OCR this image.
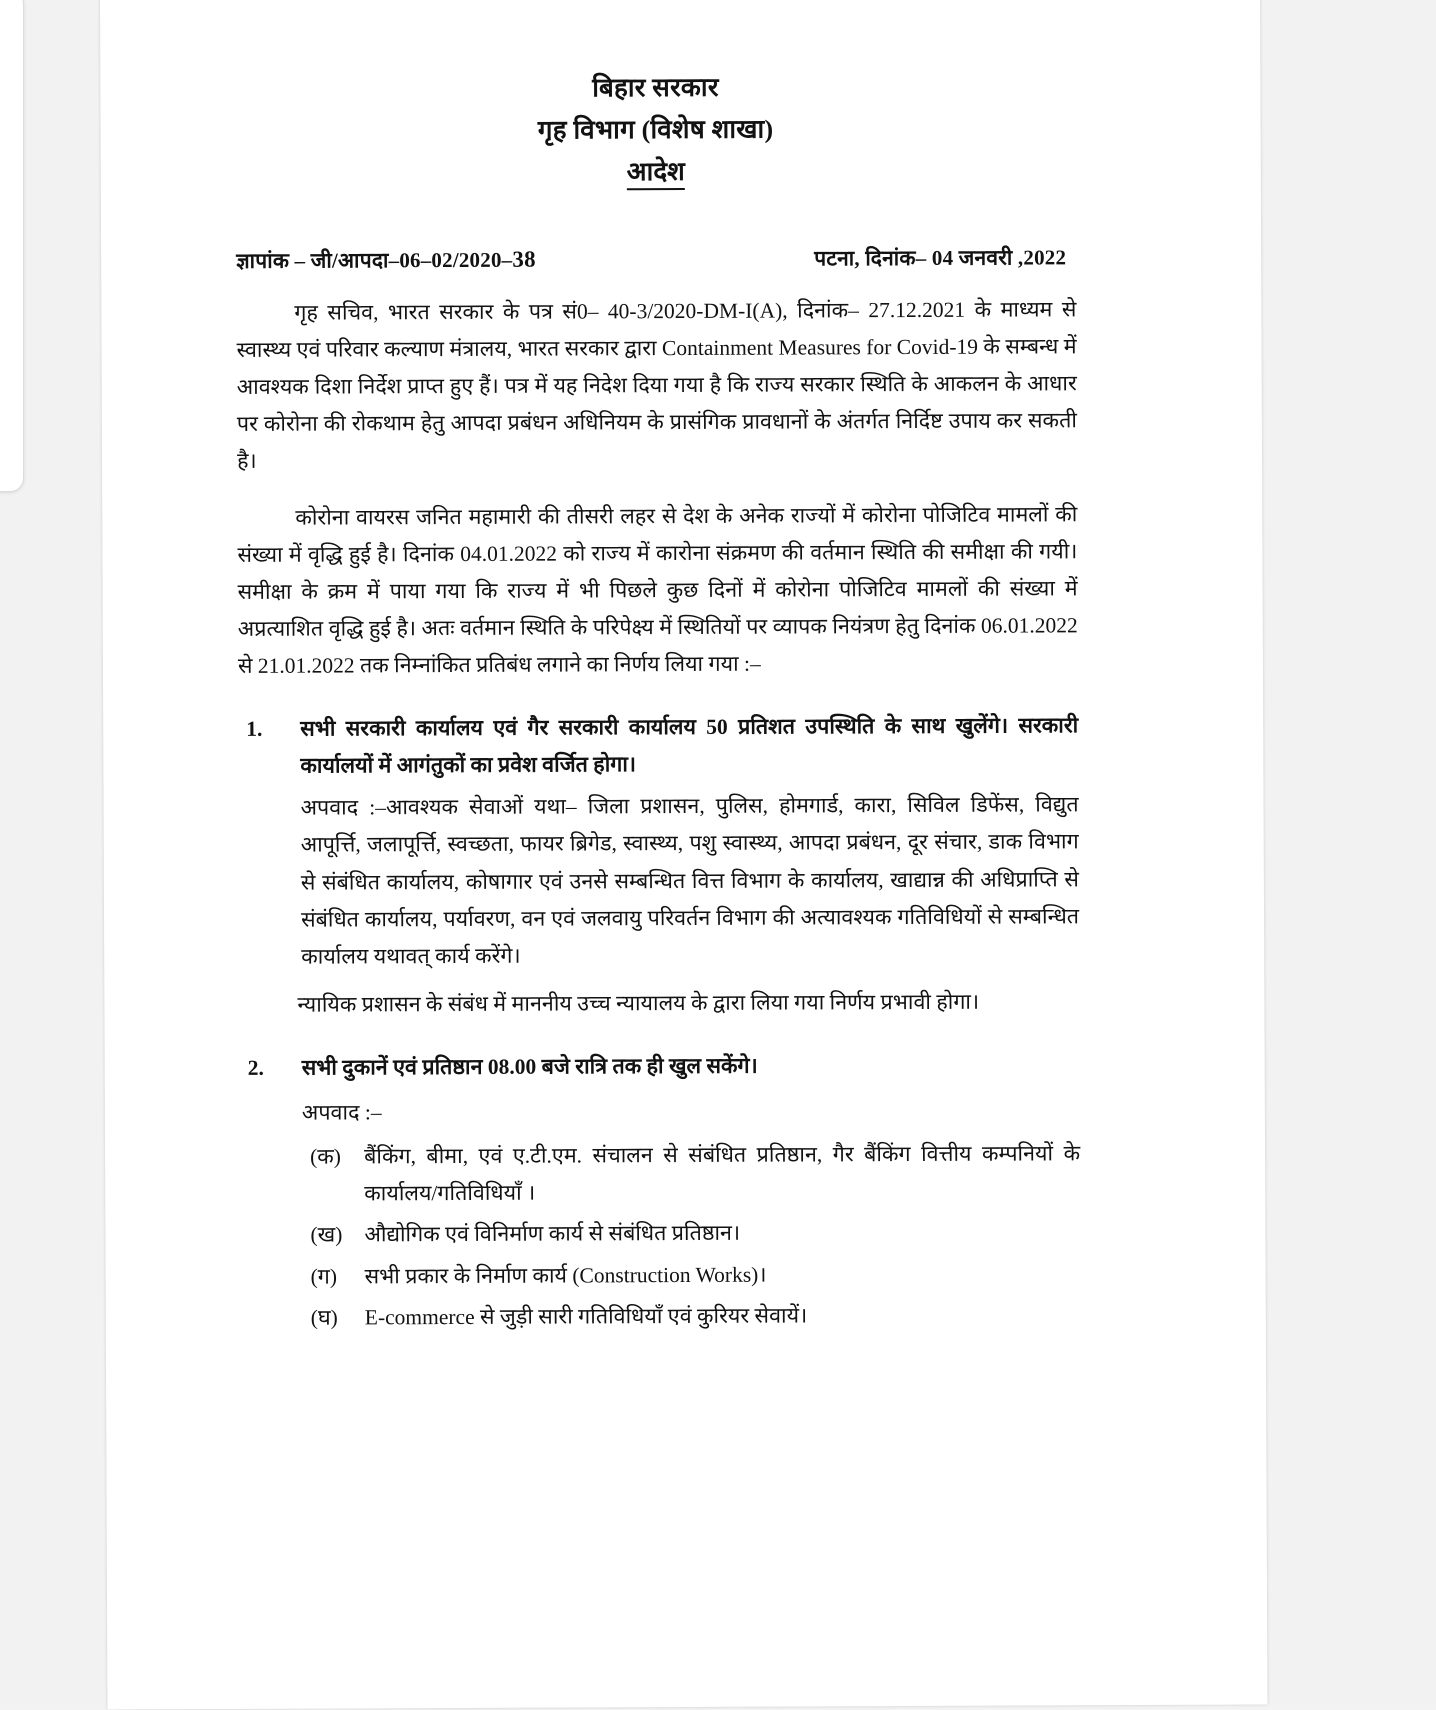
बिहार सरकार
गृह विभाग (विशेष शाखा)
आदेश
ज्ञापांक – जी/आपदा–06–02/2020–38	पटना, दिनांक– 04 जनवरी ,2022
गृह सचिव, भारत सरकार के पत्र सं0– 40-3/2020-DM-I(A), दिनांक– 27.12.2021 के माध्यम से स्वास्थ्य एवं परिवार कल्याण मंत्रालय, भारत सरकार द्वारा Containment Measures for Covid-19 के सम्बन्ध में आवश्यक दिशा निर्देश प्राप्त हुए हैं। पत्र में यह निदेश दिया गया है कि राज्य सरकार स्थिति के आकलन के आधार पर कोरोना की रोकथाम हेतु आपदा प्रबंधन अधिनियम के प्रासंगिक प्रावधानों के अंतर्गत निर्दिष्ट उपाय कर सकती है।
कोरोना वायरस जनित महामारी की तीसरी लहर से देश के अनेक राज्यों में कोरोना पोजिटिव मामलों की संख्या में वृद्धि हुई है। दिनांक 04.01.2022 को राज्य में कारोना संक्रमण की वर्तमान स्थिति की समीक्षा की गयी। समीक्षा के क्रम में पाया गया कि राज्य में भी पिछले कुछ दिनों में कोरोना पोजिटिव मामलों की संख्या में अप्रत्याशित वृद्धि हुई है। अतः वर्तमान स्थिति के परिपेक्ष्य में स्थितियों पर व्यापक नियंत्रण हेतु दिनांक 06.01.2022 से 21.01.2022 तक निम्नांकित प्रतिबंध लगाने का निर्णय लिया गया :–
1.	सभी सरकारी कार्यालय एवं गैर सरकारी कार्यालय 50 प्रतिशत उपस्थिति के साथ खुलेंगे। सरकारी कार्यालयों में आगंतुकों का प्रवेश वर्जित होगा।
अपवाद :–आवश्यक सेवाओं यथा– जिला प्रशासन, पुलिस, होमगार्ड, कारा, सिविल डिफेंस, विद्युत आपूर्त्ति, जलापूर्त्ति, स्वच्छता, फायर ब्रिगेड, स्वास्थ्य, पशु स्वास्थ्य, आपदा प्रबंधन, दूर संचार, डाक विभाग से संबंधित कार्यालय, कोषागार एवं उनसे सम्बन्धित वित्त विभाग के कार्यालय, खाद्यान्न की अधिप्राप्ति से संबंधित कार्यालय, पर्यावरण, वन एवं जलवायु परिवर्तन विभाग की अत्यावश्यक गतिविधियों से सम्बन्धित कार्यालय यथावत् कार्य करेंगे।
न्यायिक प्रशासन के संबंध में माननीय उच्च न्यायालय के द्वारा लिया गया निर्णय प्रभावी होगा।
2.	सभी दुकानें एवं प्रतिष्ठान 08.00 बजे रात्रि तक ही खुल सकेंगे।
अपवाद :–
(क)	बैंकिंग, बीमा, एवं ए.टी.एम. संचालन से संबंधित प्रतिष्ठान, गैर बैंकिंग वित्तीय कम्पनियों के कार्यालय/गतिविधियाँ ।
(ख)	औद्योगिक एवं विनिर्माण कार्य से संबंधित प्रतिष्ठान।
(ग)	सभी प्रकार के निर्माण कार्य (Construction Works)।
(घ)	E-commerce से जुड़ी सारी गतिविधियाँ एवं कुरियर सेवायें।
